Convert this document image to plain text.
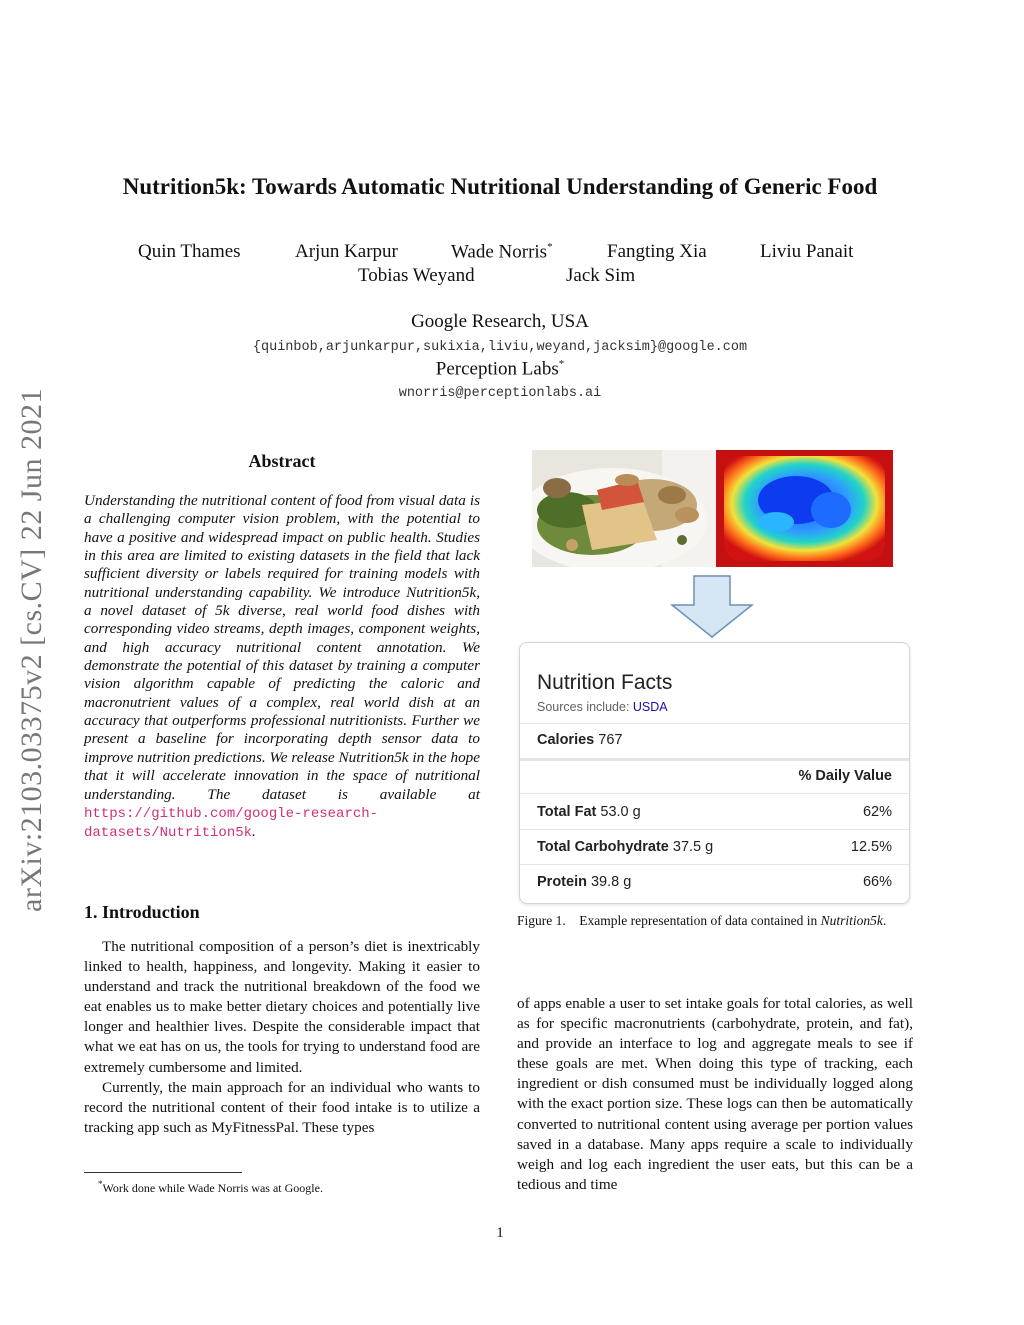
arXiv:2103.03375v2 [cs.CV] 22 Jun 2021
Nutrition5k: Towards Automatic Nutritional Understanding of Generic Food
Quin Thames	Arjun Karpur	Wade Norris*	Fangting Xia	Liviu Panait
Tobias Weyand	Jack Sim
Google Research, USA
{quinbob,arjunkarpur,sukixia,liviu,weyand,jacksim}@google.com
Perception Labs*
wnorris@perceptionlabs.ai
Abstract
Understanding the nutritional content of food from visual data is a challenging computer vision problem, with the potential to have a positive and widespread impact on public health. Studies in this area are limited to existing datasets in the field that lack sufficient diversity or labels required for training models with nutritional understanding capability. We introduce Nutrition5k, a novel dataset of 5k diverse, real world food dishes with corresponding video streams, depth images, component weights, and high accuracy nutritional content annotation. We demonstrate the potential of this dataset by training a computer vision algorithm capable of predicting the caloric and macronutrient values of a complex, real world dish at an accuracy that outperforms professional nutritionists. Further we present a baseline for incorporating depth sensor data to improve nutrition predictions. We release Nutrition5k in the hope that it will accelerate innovation in the space of nutritional understanding. The dataset is available at https://github.com/google-research-datasets/Nutrition5k.
1. Introduction

The nutritional composition of a person’s diet is inextricably linked to health, happiness, and longevity. Making it easier to understand and track the nutritional breakdown of the food we eat enables us to make better dietary choices and potentially live longer and healthier lives. Despite the considerable impact that what we eat has on us, the tools for trying to understand food are extremely cumbersome and limited.

Currently, the main approach for an individual who wants to record the nutritional content of their food intake is to utilize a tracking app such as MyFitnessPal. These types

of apps enable a user to set intake goals for total calories, as well as for specific macronutrients (carbohydrate, protein, and fat), and provide an interface to log and aggregate meals to see if these goals are met. When doing this type of tracking, each ingredient or dish consumed must be individually logged along with the exact portion size. These logs can then be automatically converted to nutritional content using average per portion values saved in a database. Many apps require a scale to individually weigh and log each ingredient the user eats, but this can be a tedious and time

*Work done while Wade Norris was at Google.
1
Nutrition Facts
Sources include: USDA
Calories 767
% Daily Value
Total Fat 53.0 g	62%
Total Carbohydrate 37.5 g	12.5%
Protein 39.8 g	66%
Figure 1. Example representation of data contained in Nutrition5k.
